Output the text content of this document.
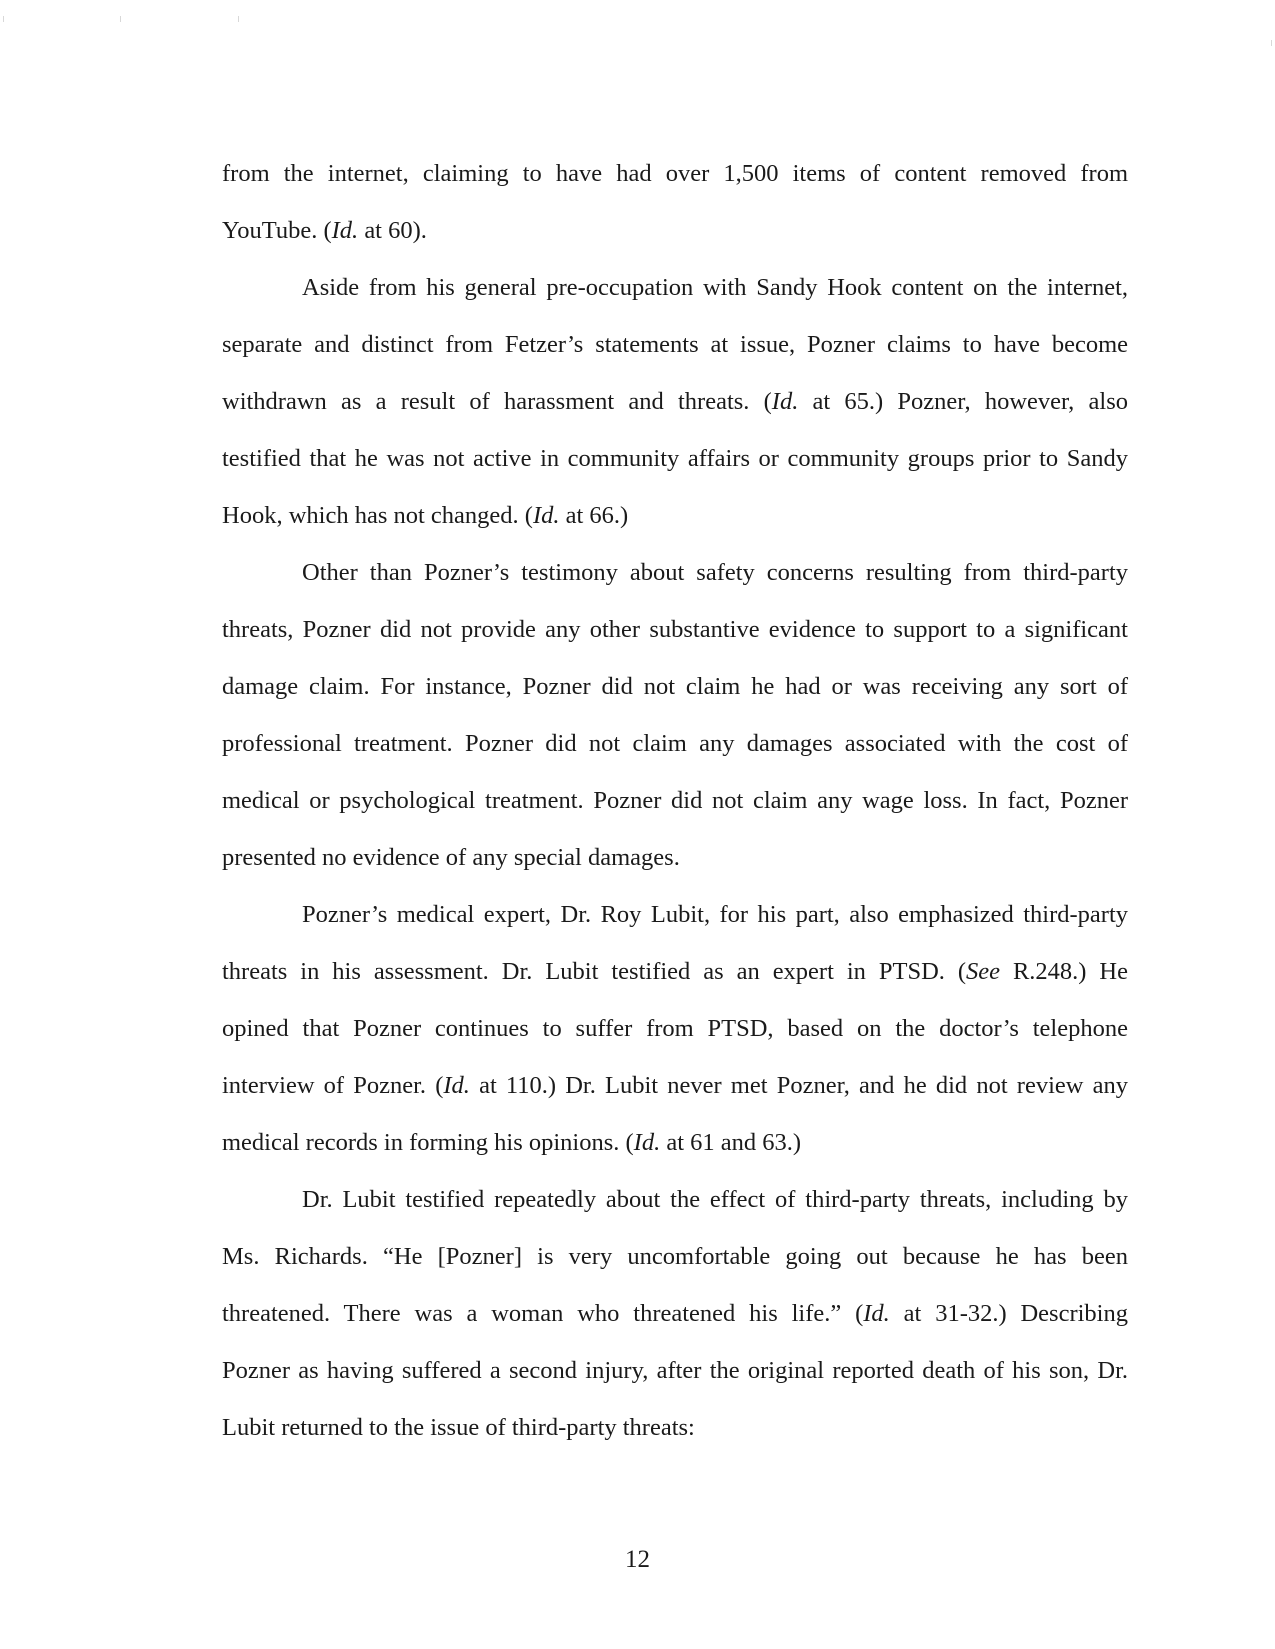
from the internet, claiming to have had over 1,500 items of content removed from
YouTube. (Id. at 60).
Aside from his general pre-occupation with Sandy Hook content on the internet,
separate and distinct from Fetzer’s statements at issue, Pozner claims to have become
withdrawn as a result of harassment and threats. (Id. at 65.) Pozner, however, also
testified that he was not active in community affairs or community groups prior to Sandy
Hook, which has not changed. (Id. at 66.)
Other than Pozner’s testimony about safety concerns resulting from third-party
threats, Pozner did not provide any other substantive evidence to support to a significant
damage claim. For instance, Pozner did not claim he had or was receiving any sort of
professional treatment. Pozner did not claim any damages associated with the cost of
medical or psychological treatment. Pozner did not claim any wage loss. In fact, Pozner
presented no evidence of any special damages.
Pozner’s medical expert, Dr. Roy Lubit, for his part, also emphasized third-party
threats in his assessment. Dr. Lubit testified as an expert in PTSD. (See R.248.) He
opined that Pozner continues to suffer from PTSD, based on the doctor’s telephone
interview of Pozner. (Id. at 110.) Dr. Lubit never met Pozner, and he did not review any
medical records in forming his opinions. (Id. at 61 and 63.)
Dr. Lubit testified repeatedly about the effect of third-party threats, including by
Ms. Richards. “He [Pozner] is very uncomfortable going out because he has been
threatened. There was a woman who threatened his life.” (Id. at 31-32.) Describing
Pozner as having suffered a second injury, after the original reported death of his son, Dr.
Lubit returned to the issue of third-party threats:
12
